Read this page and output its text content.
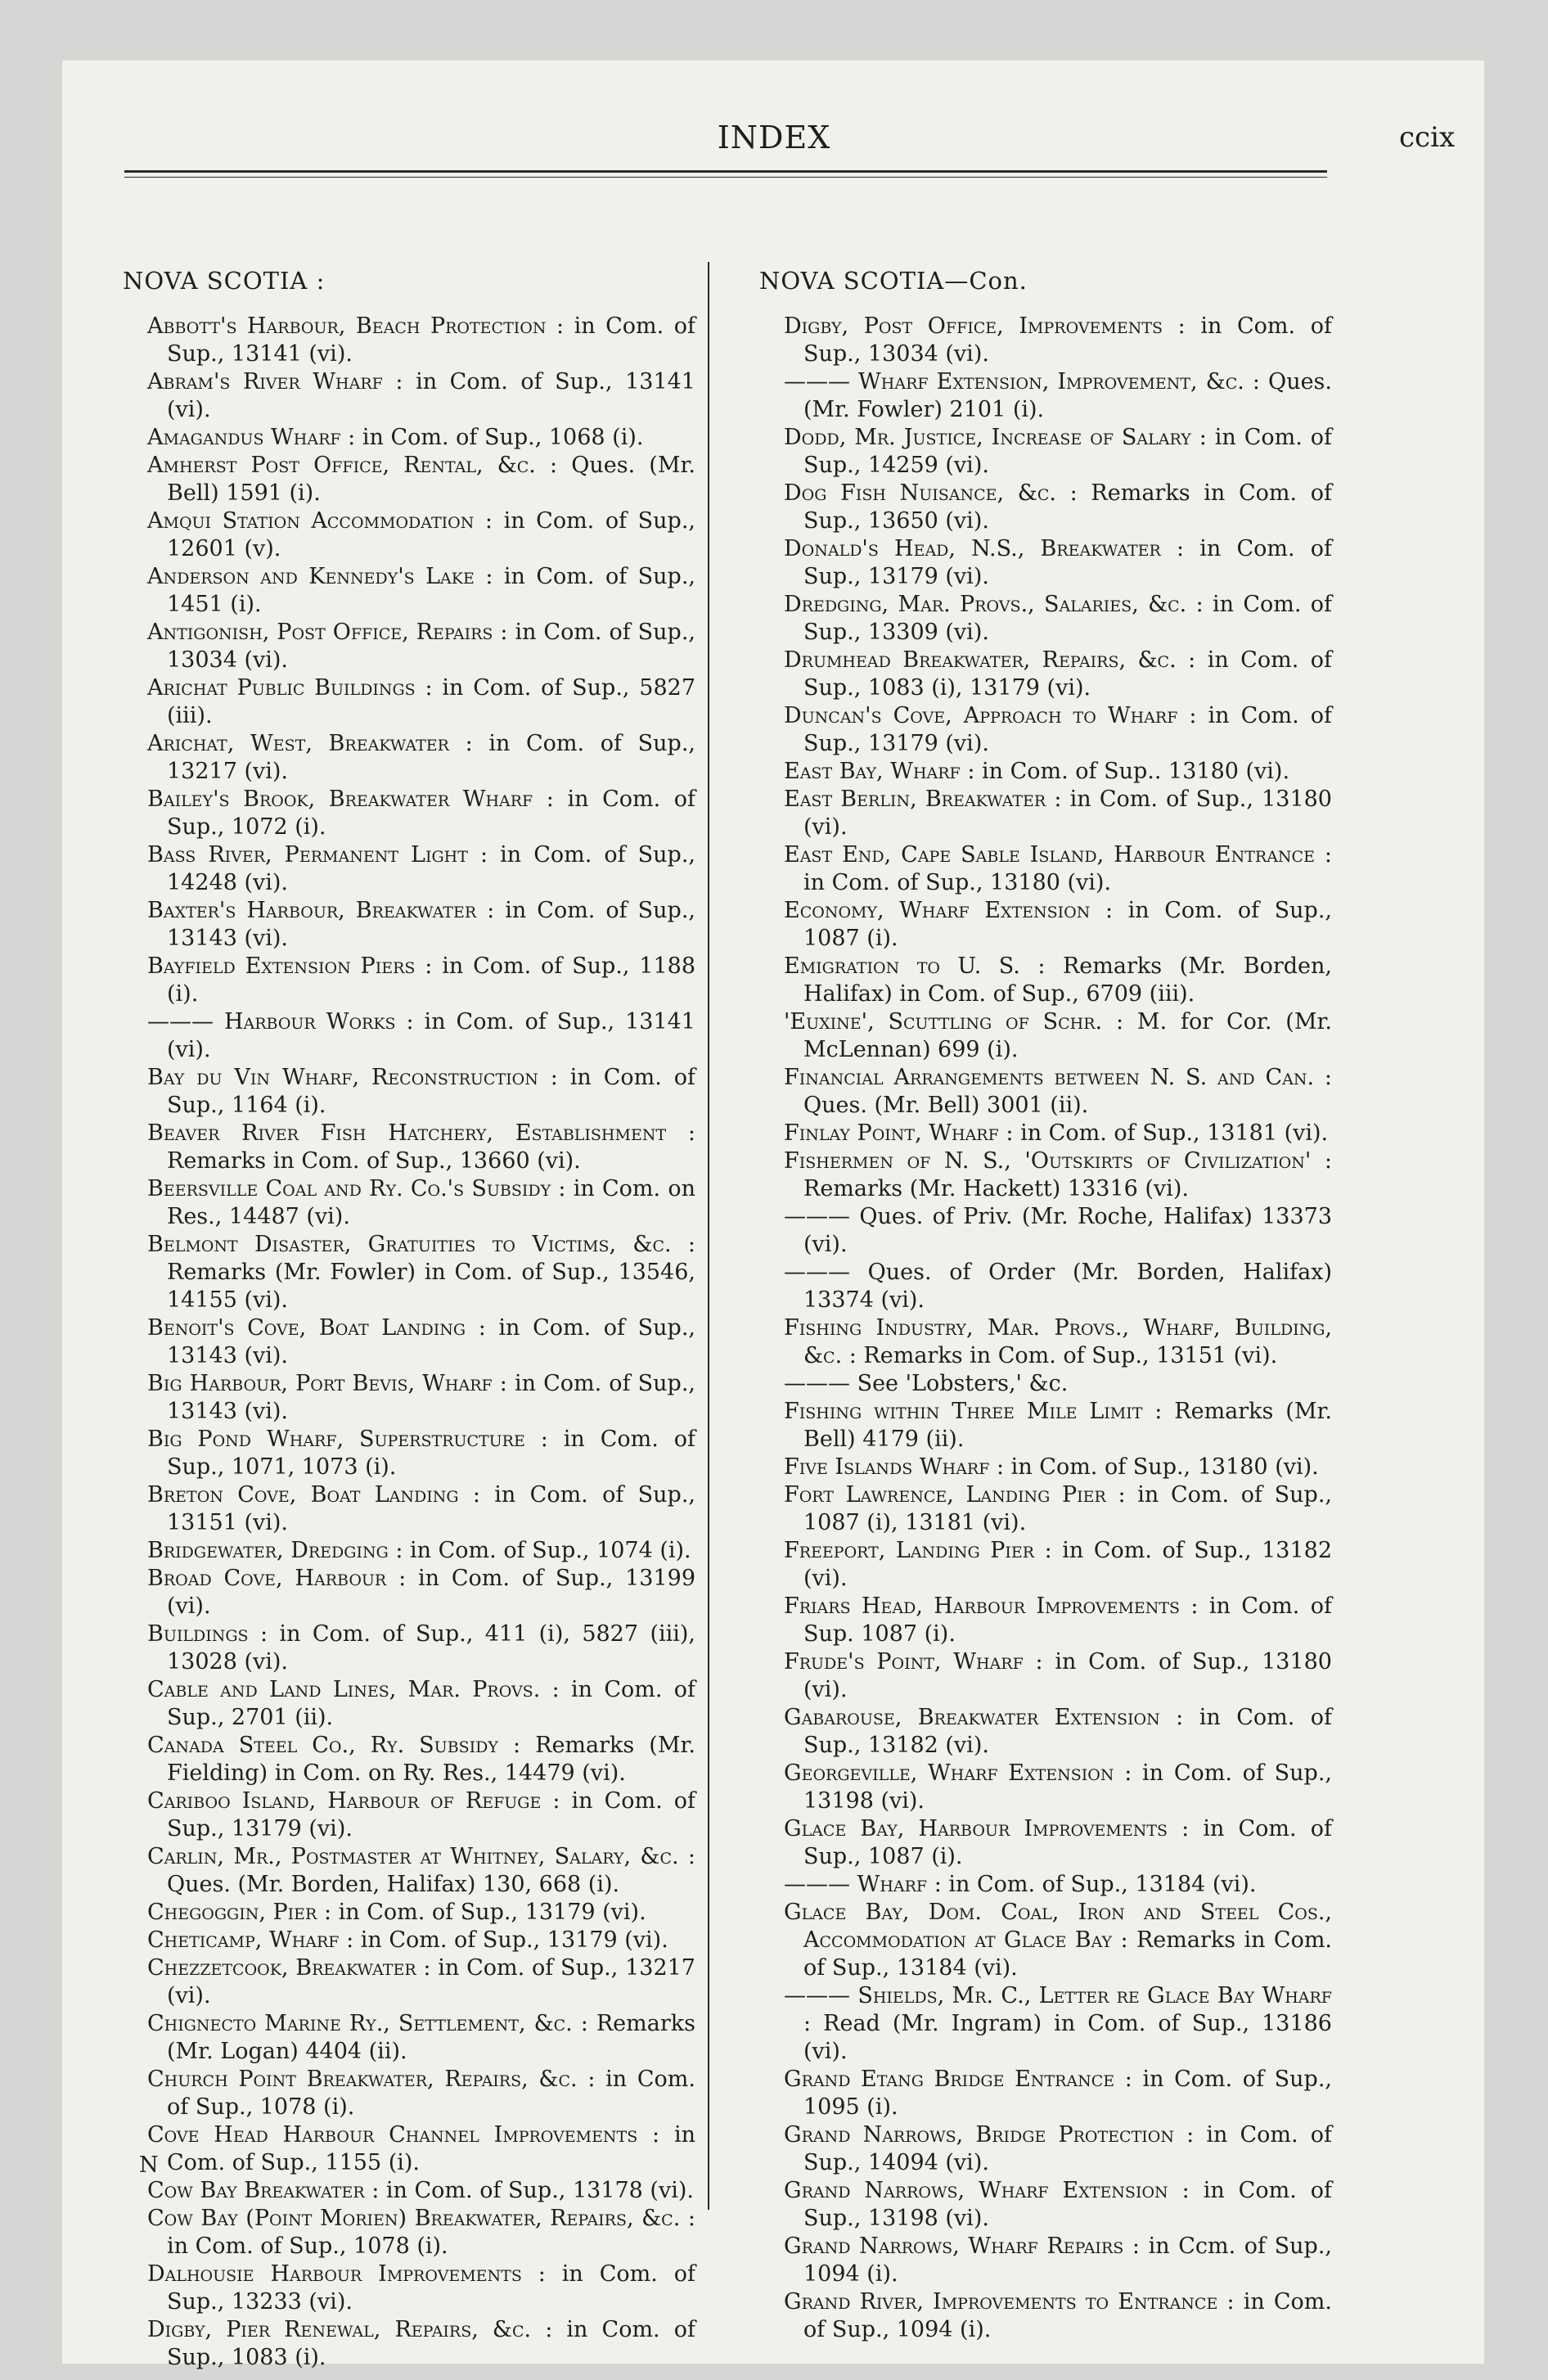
INDEX	ccix
NOVA SCOTIA :
Abbott's Harbour, Beach Protection : in Com. of Sup., 13141 (vi).
Abram's River Wharf : in Com. of Sup., 13141 (vi).
Amagandus Wharf : in Com. of Sup., 1068 (i).
Amherst Post Office, Rental, &c. : Ques. (Mr. Bell) 1591 (i).
Amqui Station Accommodation : in Com. of Sup., 12601 (v).
Anderson and Kennedy's Lake : in Com. of Sup., 1451 (i).
Antigonish, Post Office, Repairs : in Com. of Sup., 13034 (vi).
Arichat Public Buildings : in Com. of Sup., 5827 (iii).
Arichat, West, Breakwater : in Com. of Sup., 13217 (vi).
Bailey's Brook, Breakwater Wharf : in Com. of Sup., 1072 (i).
Bass River, Permanent Light : in Com. of Sup., 14248 (vi).
Baxter's Harbour, Breakwater : in Com. of Sup., 13143 (vi).
Bayfield Extension Piers : in Com. of Sup., 1188 (i).
——— Harbour Works : in Com. of Sup., 13141 (vi).
Bay du Vin Wharf, Reconstruction : in Com. of Sup., 1164 (i).
Beaver River Fish Hatchery, Establishment : Remarks in Com. of Sup., 13660 (vi).
Beersville Coal and Ry. Co.'s Subsidy : in Com. on Res., 14487 (vi).
Belmont Disaster, Gratuities to Victims, &c. : Remarks (Mr. Fowler) in Com. of Sup., 13546, 14155 (vi).
Benoit's Cove, Boat Landing : in Com. of Sup., 13143 (vi).
Big Harbour, Port Bevis, Wharf : in Com. of Sup., 13143 (vi).
Big Pond Wharf, Superstructure : in Com. of Sup., 1071, 1073 (i).
Breton Cove, Boat Landing : in Com. of Sup., 13151 (vi).
Bridgewater, Dredging : in Com. of Sup., 1074 (i).
Broad Cove, Harbour : in Com. of Sup., 13199 (vi).
Buildings : in Com. of Sup., 411 (i), 5827 (iii), 13028 (vi).
Cable and Land Lines, Mar. Provs. : in Com. of Sup., 2701 (ii).
Canada Steel Co., Ry. Subsidy : Remarks (Mr. Fielding) in Com. on Ry. Res., 14479 (vi).
Cariboo Island, Harbour of Refuge : in Com. of Sup., 13179 (vi).
Carlin, Mr., Postmaster at Whitney, Salary, &c. : Ques. (Mr. Borden, Halifax) 130, 668 (i).
Chegoggin, Pier : in Com. of Sup., 13179 (vi).
Cheticamp, Wharf : in Com. of Sup., 13179 (vi).
Chezzetcook, Breakwater : in Com. of Sup., 13217 (vi).
Chignecto Marine Ry., Settlement, &c. : Remarks (Mr. Logan) 4404 (ii).
Church Point Breakwater, Repairs, &c. : in Com. of Sup., 1078 (i).
Cove Head Harbour Channel Improvements : in Com. of Sup., 1155 (i).
Cow Bay Breakwater : in Com. of Sup., 13178 (vi).
Cow Bay (Point Morien) Breakwater, Repairs, &c. : in Com. of Sup., 1078 (i).
Dalhousie Harbour Improvements : in Com. of Sup., 13233 (vi).
Digby, Pier Renewal, Repairs, &c. : in Com. of Sup., 1083 (i).
NOVA SCOTIA—Con.
Digby, Post Office, Improvements : in Com. of Sup., 13034 (vi).
——— Wharf Extension, Improvement, &c. : Ques. (Mr. Fowler) 2101 (i).
Dodd, Mr. Justice, Increase of Salary : in Com. of Sup., 14259 (vi).
Dog Fish Nuisance, &c. : Remarks in Com. of Sup., 13650 (vi).
Donald's Head, N.S., Breakwater : in Com. of Sup., 13179 (vi).
Dredging, Mar. Provs., Salaries, &c. : in Com. of Sup., 13309 (vi).
Drumhead Breakwater, Repairs, &c. : in Com. of Sup., 1083 (i), 13179 (vi).
Duncan's Cove, Approach to Wharf : in Com. of Sup., 13179 (vi).
East Bay, Wharf : in Com. of Sup.. 13180 (vi).
East Berlin, Breakwater : in Com. of Sup., 13180 (vi).
East End, Cape Sable Island, Harbour Entrance : in Com. of Sup., 13180 (vi).
Economy, Wharf Extension : in Com. of Sup., 1087 (i).
Emigration to U. S. : Remarks (Mr. Borden, Halifax) in Com. of Sup., 6709 (iii).
'Euxine', Scuttling of Schr. : M. for Cor. (Mr. McLennan) 699 (i).
Financial Arrangements between N. S. and Can. : Ques. (Mr. Bell) 3001 (ii).
Finlay Point, Wharf : in Com. of Sup., 13181 (vi).
Fishermen of N. S., 'Outskirts of Civilization' : Remarks (Mr. Hackett) 13316 (vi).
——— Ques. of Priv. (Mr. Roche, Halifax) 13373 (vi).
——— Ques. of Order (Mr. Borden, Halifax) 13374 (vi).
Fishing Industry, Mar. Provs., Wharf, Building, &c. : Remarks in Com. of Sup., 13151 (vi).
——— See 'Lobsters,' &c.
Fishing within Three Mile Limit : Remarks (Mr. Bell) 4179 (ii).
Five Islands Wharf : in Com. of Sup., 13180 (vi).
Fort Lawrence, Landing Pier : in Com. of Sup., 1087 (i), 13181 (vi).
Freeport, Landing Pier : in Com. of Sup., 13182 (vi).
Friars Head, Harbour Improvements : in Com. of Sup. 1087 (i).
Frude's Point, Wharf : in Com. of Sup., 13180 (vi).
Gabarouse, Breakwater Extension : in Com. of Sup., 13182 (vi).
Georgeville, Wharf Extension : in Com. of Sup., 13198 (vi).
Glace Bay, Harbour Improvements : in Com. of Sup., 1087 (i).
——— Wharf : in Com. of Sup., 13184 (vi).
Glace Bay, Dom. Coal, Iron and Steel Cos., Accommodation at Glace Bay : Remarks in Com. of Sup., 13184 (vi).
——— Shields, Mr. C., Letter re Glace Bay Wharf : Read (Mr. Ingram) in Com. of Sup., 13186 (vi).
Grand Etang Bridge Entrance : in Com. of Sup., 1095 (i).
Grand Narrows, Bridge Protection : in Com. of Sup., 14094 (vi).
Grand Narrows, Wharf Extension : in Com. of Sup., 13198 (vi).
Grand Narrows, Wharf Repairs : in Ccm. of Sup., 1094 (i).
Grand River, Improvements to Entrance : in Com. of Sup., 1094 (i).
N
